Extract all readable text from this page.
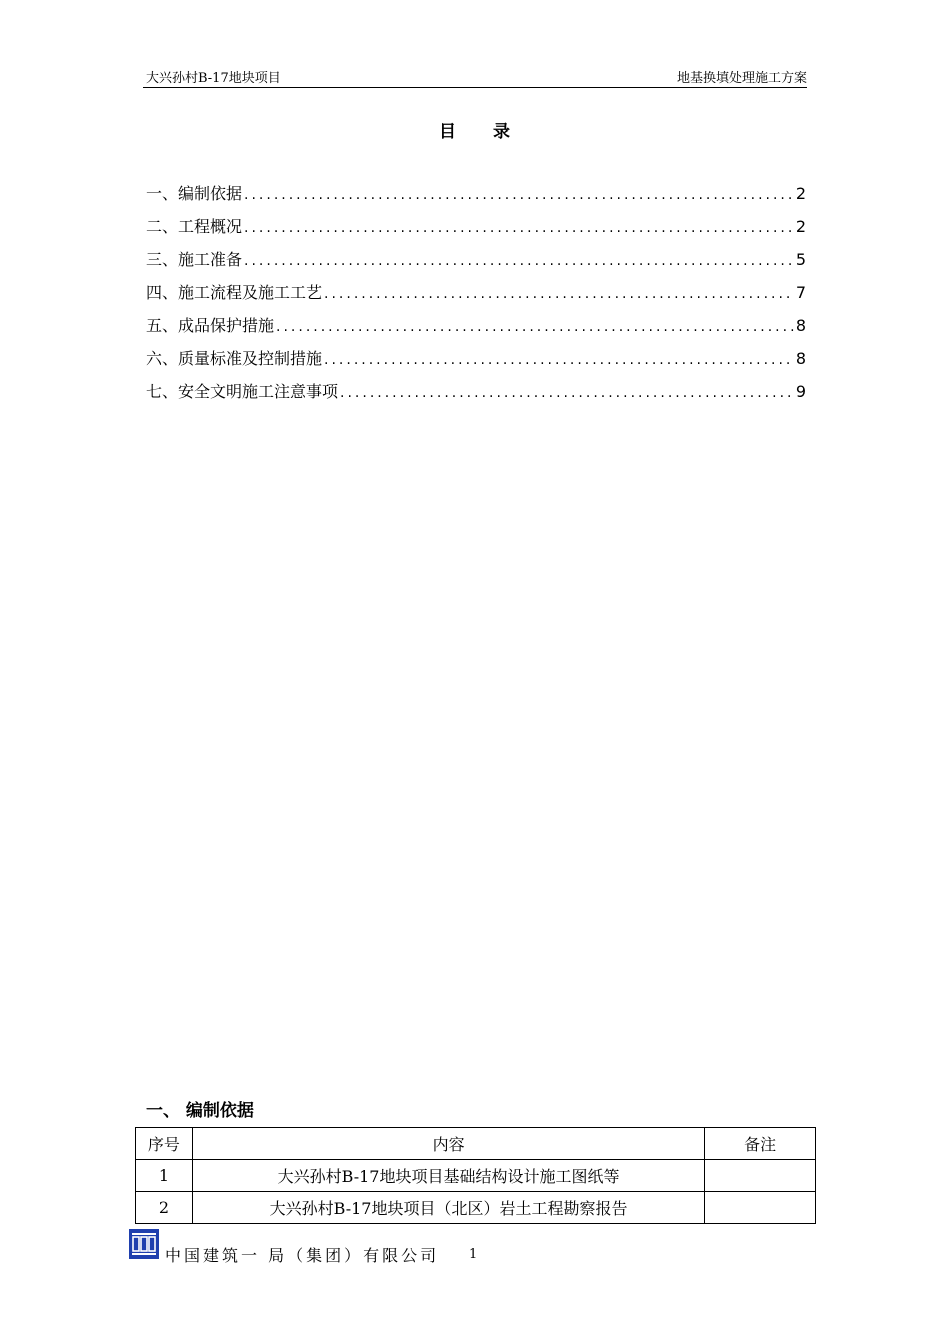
大兴孙村B-17地块项目	地基换填处理施工方案
目 录
一、编制依据 .....	2
二、工程概况 .....	2
三、施工准备 .....	5
四、施工流程及施工工艺 .....	7
五、成品保护措施 .....	8
六、质量标准及控制措施 .....	8
七、安全文明施工注意事项 .....	9
一、 编制依据
序号	内容	备注
1	大兴孙村B-17地块项目基础结构设计施工图纸等	
2	大兴孙村B-17地块项目（北区）岩土工程勘察报告	
中国建筑一 局（集团）有限公司 1
